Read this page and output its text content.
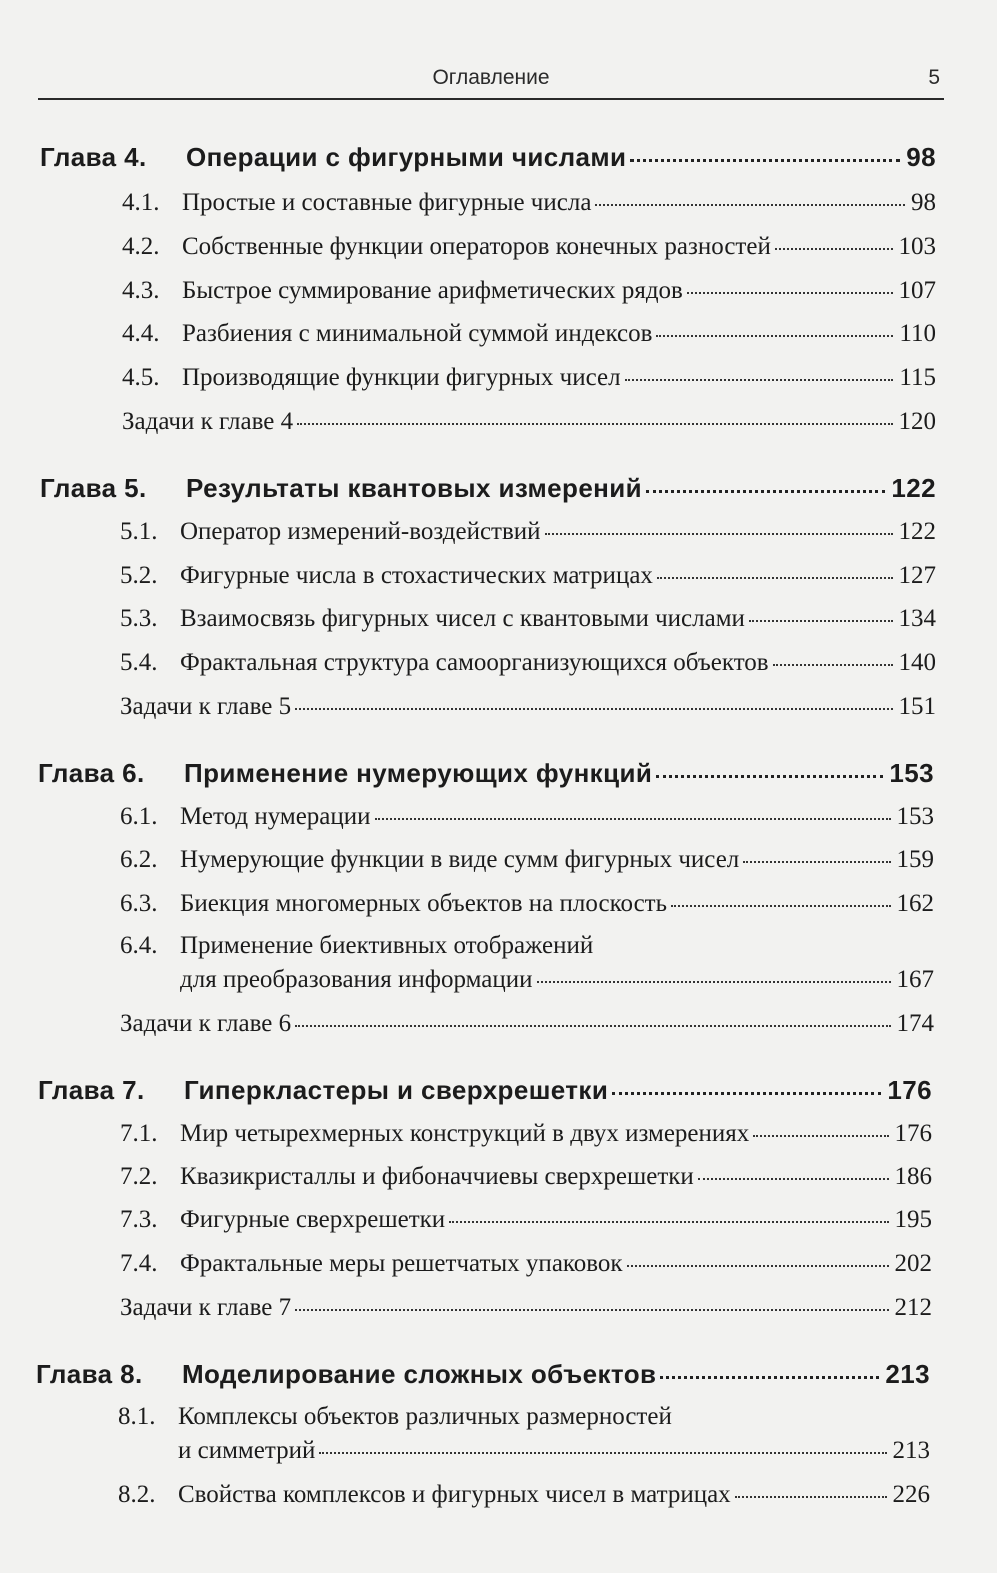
Оглавление	5
Глава 4.	Операции с фигурными числами	98
4.1. Простые и составные фигурные числа	98
4.2. Собственные функции операторов конечных разностей	103
4.3. Быстрое суммирование арифметических рядов	107
4.4. Разбиения с минимальной суммой индексов	110
4.5. Производящие функции фигурных чисел	115
Задачи к главе 4	120
Глава 5.	Результаты квантовых измерений	122
5.1. Оператор измерений-воздействий	122
5.2. Фигурные числа в стохастических матрицах	127
5.3. Взаимосвязь фигурных чисел с квантовыми числами	134
5.4. Фрактальная структура самоорганизующихся объектов	140
Задачи к главе 5	151
Глава 6.	Применение нумерующих функций	153
6.1. Метод нумерации	153
6.2. Нумерующие функции в виде сумм фигурных чисел	159
6.3. Биекция многомерных объектов на плоскость	162
6.4. Применение биективных отображений
для преобразования информации	167
Задачи к главе 6	174
Глава 7.	Гиперкластеры и сверхрешетки	176
7.1. Мир четырехмерных конструкций в двух измерениях	176
7.2. Квазикристаллы и фибоначчиевы сверхрешетки	186
7.3. Фигурные сверхрешетки	195
7.4. Фрактальные меры решетчатых упаковок	202
Задачи к главе 7	212
Глава 8.	Моделирование сложных объектов	213
8.1. Комплексы объектов различных размерностей
и симметрий	213
8.2. Свойства комплексов и фигурных чисел в матрицах	226
